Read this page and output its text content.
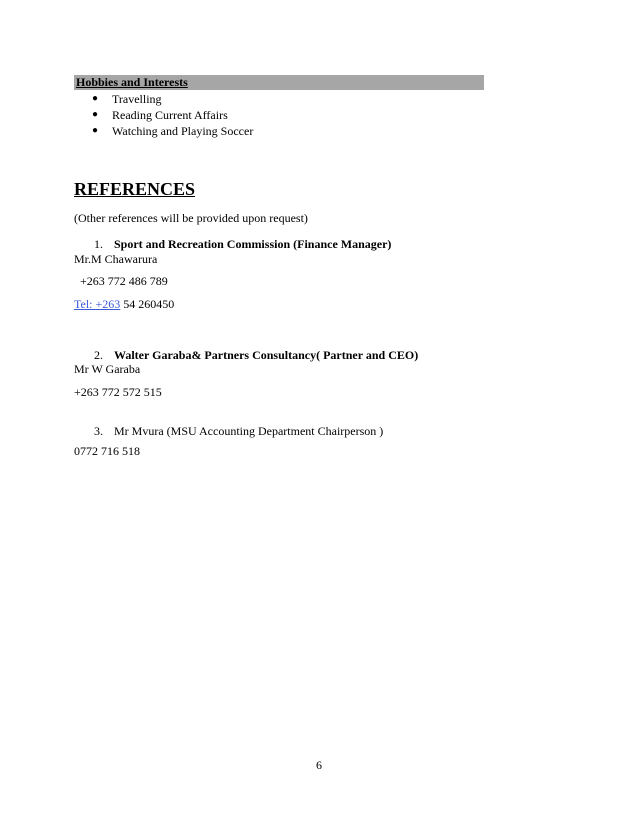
Hobbies and Interests
●	Travelling
●	Reading Current Affairs
●	Watching and Playing Soccer
REFERENCES
(Other references will be provided upon request)
1. Sport and Recreation Commission (Finance Manager)
Mr.M Chawarura
+263 772 486 789
Tel: +263 54 260450
2. Walter Garaba& Partners Consultancy( Partner and CEO)
Mr W Garaba
+263 772 572 515
3. Mr Mvura (MSU Accounting Department Chairperson )
0772 716 518
6
